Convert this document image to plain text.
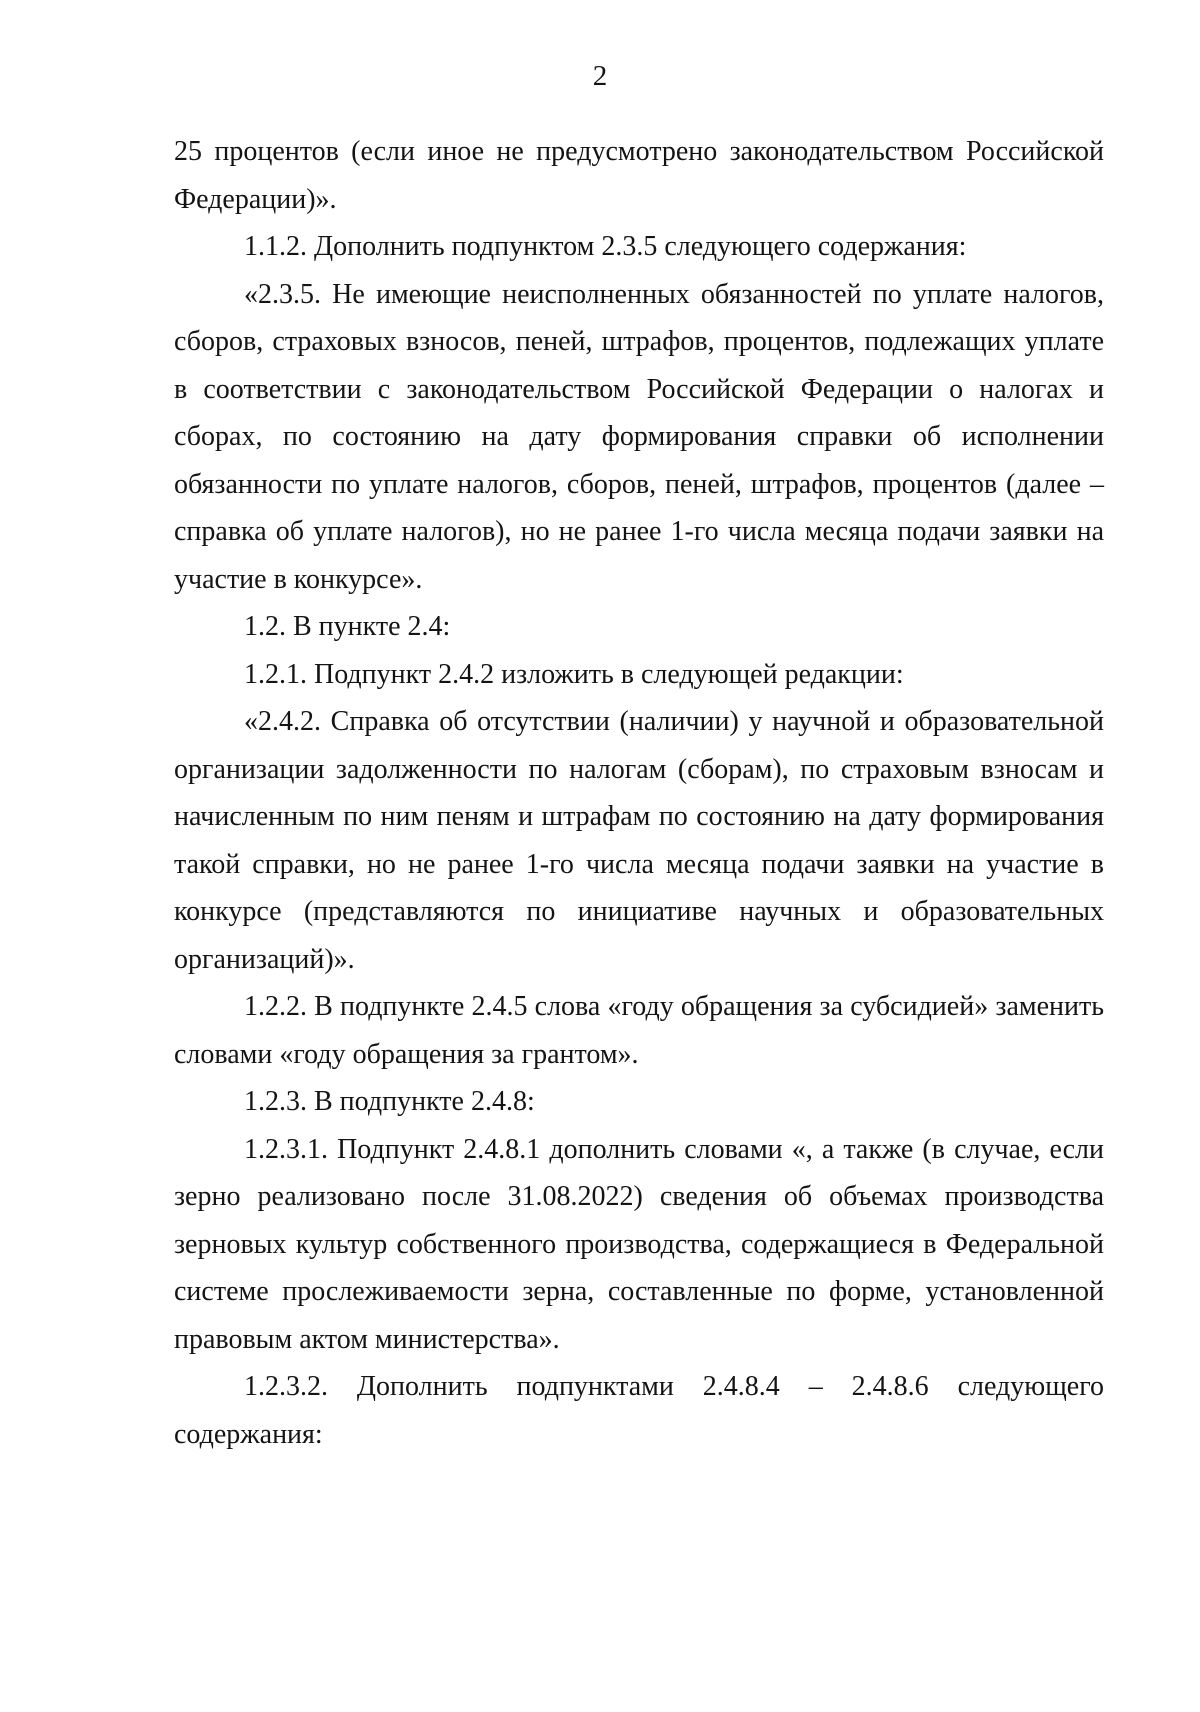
2

25 процентов (если иное не предусмотрено законодательством Российской Федерации)».

1.1.2. Дополнить подпунктом 2.3.5 следующего содержания:

«2.3.5. Не имеющие неисполненных обязанностей по уплате налогов, сборов, страховых взносов, пеней, штрафов, процентов, подлежащих уплате в соответствии с законодательством Российской Федерации о налогах и сборах, по состоянию на дату формирования справки об исполнении обязанности по уплате налогов, сборов, пеней, штрафов, процентов (далее – справка об уплате налогов), но не ранее 1-го числа месяца подачи заявки на участие в конкурсе».

1.2. В пункте 2.4:

1.2.1. Подпункт 2.4.2 изложить в следующей редакции:

«2.4.2. Справка об отсутствии (наличии) у научной и образовательной организации задолженности по налогам (сборам), по страховым взносам и начисленным по ним пеням и штрафам по состоянию на дату формирования такой справки, но не ранее 1-го числа месяца подачи заявки на участие в конкурсе (представляются по инициативе научных и образовательных организаций)».

1.2.2. В подпункте 2.4.5 слова «году обращения за субсидией» заменить словами «году обращения за грантом».

1.2.3. В подпункте 2.4.8:

1.2.3.1. Подпункт 2.4.8.1 дополнить словами «, а также (в случае, если зерно реализовано после 31.08.2022) сведения об объемах производства зерновых культур собственного производства, содержащиеся в Федеральной системе прослеживаемости зерна, составленные по форме, установленной правовым актом министерства».

1.2.3.2. Дополнить подпунктами 2.4.8.4 – 2.4.8.6 следующего содержания:
